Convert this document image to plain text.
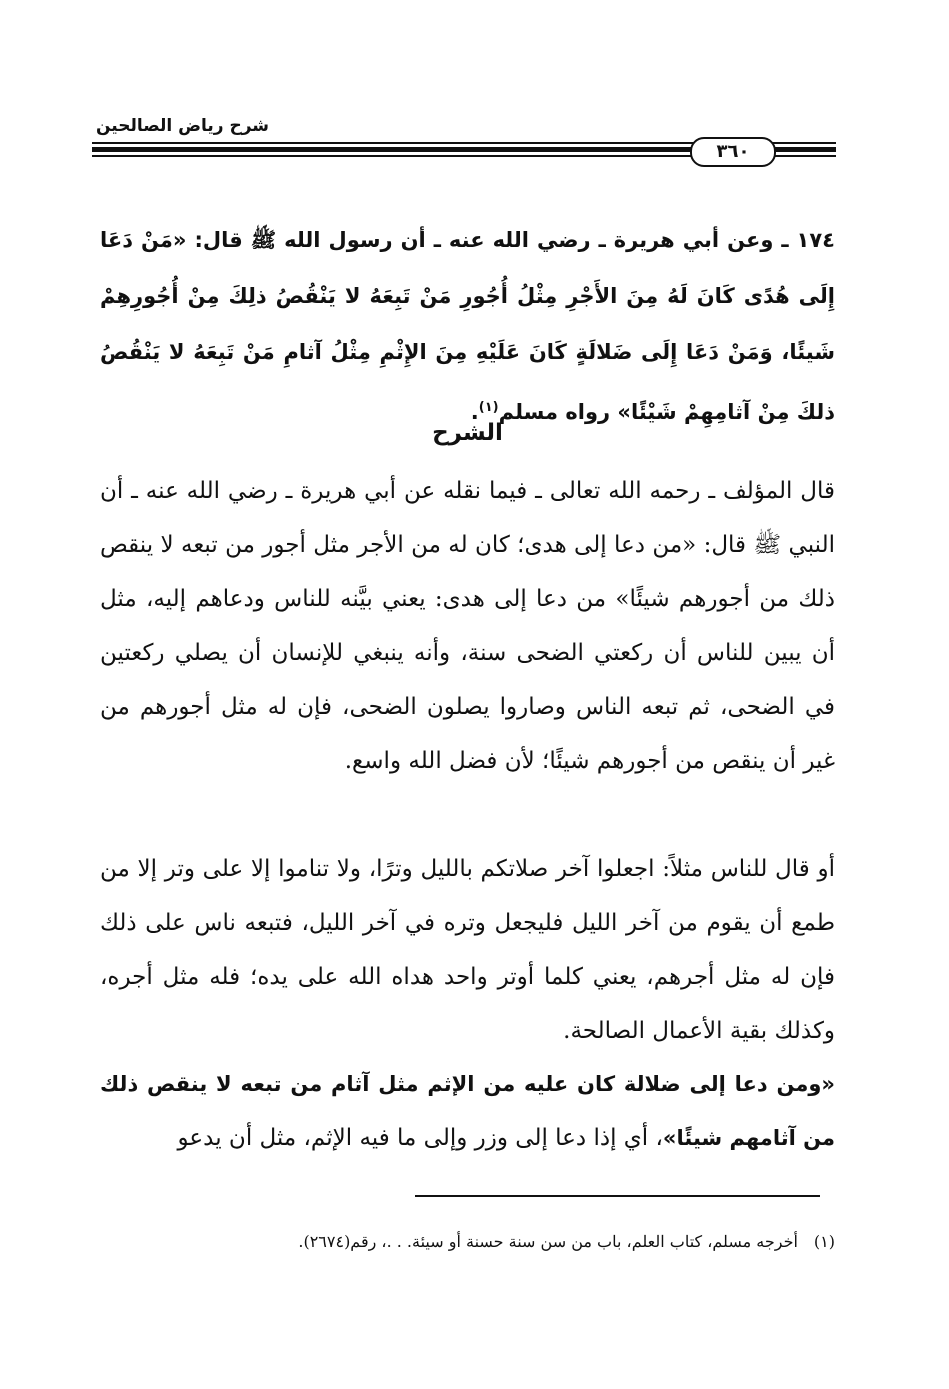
شرح رياض الصالحين
٣٦٠
١٧٤ ـ وعن أبي هريرة ـ رضي الله عنه ـ أن رسول الله ﷺ قال: «مَنْ دَعَا إِلَى هُدًى كَانَ لَهُ مِنَ الأَجْرِ مِثْلُ أُجُورِ مَنْ تَبِعَهُ لا يَنْقُصُ ذلِكَ مِنْ أُجُورِهِمْ شَيئًا، وَمَنْ دَعَا إِلَى ضَلالَةٍ كَانَ عَلَيْهِ مِنَ الإِثْمِ مِثْلُ آثامِ مَنْ تَبِعَهُ لا يَنْقُصُ ذلكَ مِنْ آثامِهِمْ شَيْئًا» رواه مسلم$^{(١)}$.
الشرح
قال المؤلف ـ رحمه الله تعالى ـ فيما نقله عن أبي هريرة ـ رضي الله عنه ـ أن النبي ﷺ قال: «من دعا إلى هدى؛ كان له من الأجر مثل أجور من تبعه لا ينقص ذلك من أجورهم شيئًا» من دعا إلى هدى: يعني بيَّنه للناس ودعاهم إليه، مثل أن يبين للناس أن ركعتي الضحى سنة، وأنه ينبغي للإنسان أن يصلي ركعتين في الضحى، ثم تبعه الناس وصاروا يصلون الضحى، فإن له مثل أجورهم من غير أن ينقص من أجورهم شيئًا؛ لأن فضل الله واسع.
أو قال للناس مثلاً: اجعلوا آخر صلاتكم بالليل وترًا، ولا تناموا إلا على وتر إلا من طمع أن يقوم من آخر الليل فليجعل وتره في آخر الليل، فتبعه ناس على ذلك فإن له مثل أجرهم، يعني كلما أوتر واحد هداه الله على يده؛ فله مثل أجره، وكذلك بقية الأعمال الصالحة.
«ومن دعا إلى ضلالة كان عليه من الإثم مثل آثام من تبعه لا ينقص ذلك من آثامهم شيئًا»، أي إذا دعا إلى وزر وإلى ما فيه الإثم، مثل أن يدعو
(١)أخرجه مسلم، كتاب العلم، باب من سن سنة حسنة أو سيئة. . .، رقم(٢٦٧٤).
